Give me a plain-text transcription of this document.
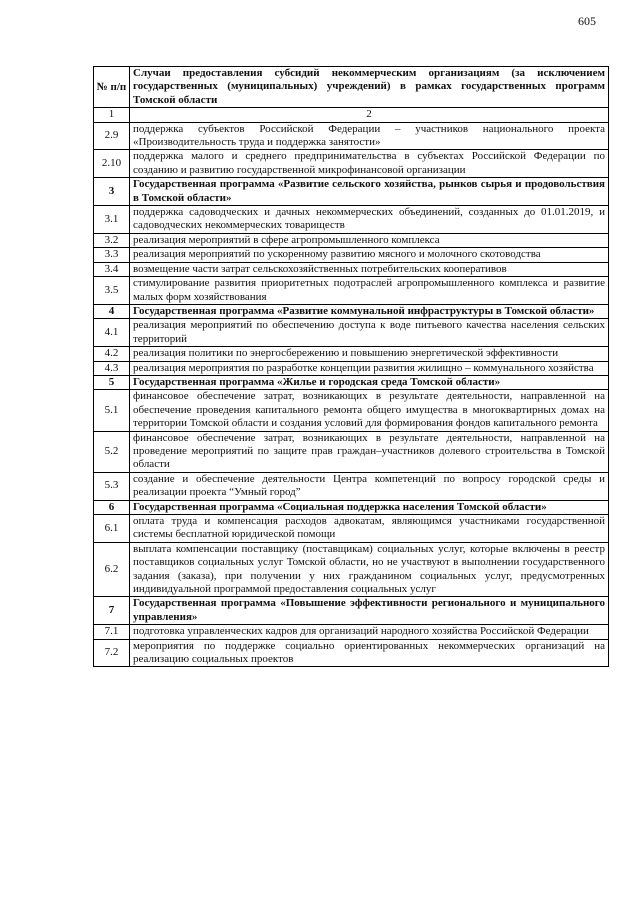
605
№ п/п	Случаи предоставления субсидий некоммерческим организациям (за исключением государственных (муниципальных) учреждений) в рамках государственных программ Томской области
1	2
2.9	поддержка субъектов Российской Федерации – участников национального проекта «Производительность труда и поддержка занятости»
2.10	поддержка малого и среднего предпринимательства в субъектах Российской Федерации по созданию и развитию государственной микрофинансовой организации
3	Государственная программа «Развитие сельского хозяйства, рынков сырья и продовольствия в Томской области»
3.1	поддержка садоводческих и дачных некоммерческих объединений, созданных до 01.01.2019, и садоводческих некоммерческих товариществ
3.2	реализация мероприятий в сфере агропромышленного комплекса
3.3	реализация мероприятий по ускоренному развитию мясного и молочного скотоводства
3.4	возмещение части затрат сельскохозяйственных потребительских кооперативов
3.5	стимулирование развития приоритетных подотраслей агропромышленного комплекса и развитие малых форм хозяйствования
4	Государственная программа «Развитие коммунальной инфраструктуры в Томской области»
4.1	реализация мероприятий по обеспечению доступа к воде питьевого качества населения сельских территорий
4.2	реализация политики по энергосбережению и повышению энергетической эффективности
4.3	реализация мероприятия по разработке концепции развития жилищно – коммунального хозяйства
5	Государственная программа «Жилье и городская среда Томской области»
5.1	финансовое обеспечение затрат, возникающих в результате деятельности, направленной на обеспечение проведения капитального ремонта общего имущества в многоквартирных домах на территории Томской области и создания условий для формирования фондов капитального ремонта
5.2	финансовое обеспечение затрат, возникающих в результате деятельности, направленной на проведение мероприятий по защите прав граждан–участников долевого строительства в Томской области
5.3	создание и обеспечение деятельности Центра компетенций по вопросу городской среды и реализации проекта “Умный город”
6	Государственная программа «Социальная поддержка населения Томской области»
6.1	оплата труда и компенсация расходов адвокатам, являющимся участниками государственной системы бесплатной юридической помощи
6.2	выплата компенсации поставщику (поставщикам) социальных услуг, которые включены в реестр поставщиков социальных услуг Томской области, но не участвуют в выполнении государственного задания (заказа), при получении у них гражданином социальных услуг, предусмотренных индивидуальной программой предоставления социальных услуг
7	Государственная программа «Повышение эффективности регионального и муниципального управления»
7.1	подготовка управленческих кадров для организаций народного хозяйства Российской Федерации
7.2	мероприятия по поддержке социально ориентированных некоммерческих организаций на реализацию социальных проектов
